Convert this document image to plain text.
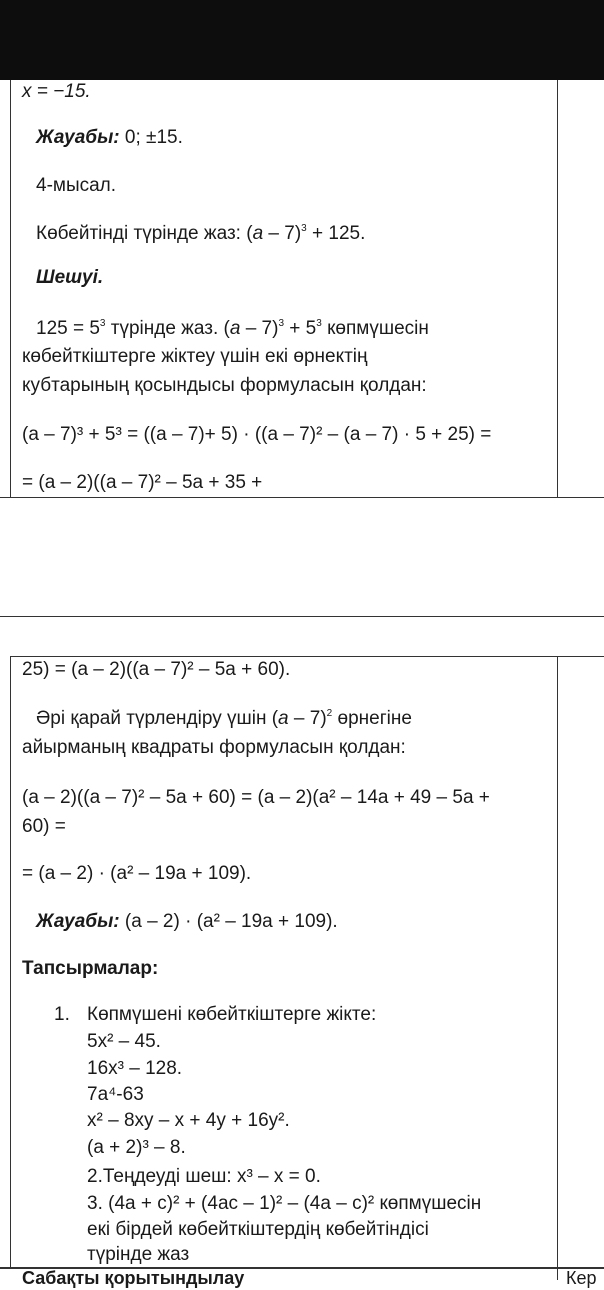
x = −15.
Жауабы: 0; ±15.
4-мысал.
Көбейтінді түрінде жаз: (a – 7)$^3$ + 125.
Шешуі.
$125 = 5^3$ түрінде жаз. $(a - 7)^3 + 5^3$ көпмүшесін
көбейткіштерге жіктеу үшін екі өрнектің
кубтарының қосындысы формуласын қолдан:
(a – 7)³ + 5³ = ((a – 7)+ 5) · ((a – 7)² – (a – 7) · 5 + 25) =
= (a – 2)((a – 7)² – 5a + 35 +
25) = (a – 2)((a – 7)² – 5a + 60).
Әрі қарай түрлендіру үшін (a – 7)$^2$ өрнегіне
айырманың квадраты формуласын қолдан:
(a – 2)((a – 7)² – 5a + 60) = (a – 2)(a² – 14a + 49 – 5a +
60) =
= (a – 2) · (a² – 19a + 109).
Жауабы: (a – 2) · (a² – 19a + 109).
Тапсырмалар:
1. Көпмүшені көбейткіштерге жікте:
5x² – 45.
16x³ – 128.
7a⁴-63
x² – 8xy – x + 4y + 16y².
(a + 2)³ – 8.
2.Теңдеуді шеш: x³ – x = 0.
3. (4a + c)² + (4ac – 1)² – (4a – c)² көпмүшесін
екі бірдей көбейткіштердің көбейтіндісі
түрінде жаз
Сабақты қорытындылау	Кер
